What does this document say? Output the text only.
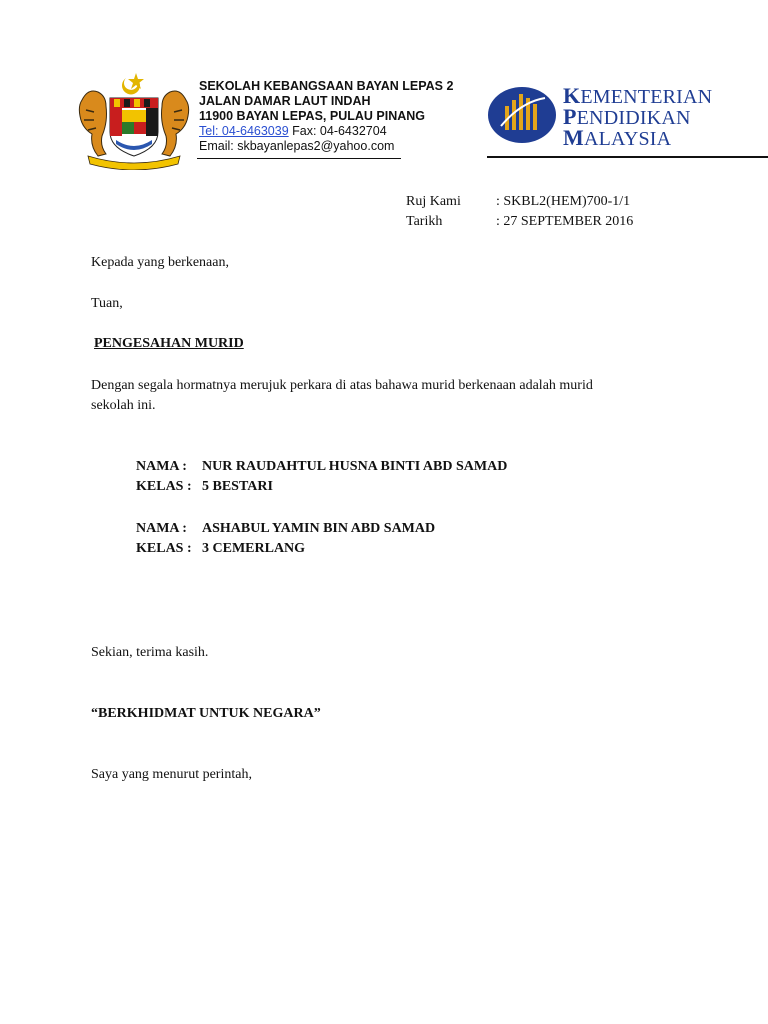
SEKOLAH KEBANGSAAN BAYAN LEPAS 2
JALAN DAMAR LAUT INDAH
11900 BAYAN LEPAS, PULAU PINANG
Tel: 04-6463039 Fax: 04-6432704
Email: skbayanlepas2@yahoo.com
KEMENTERIAN
PENDIDIKAN
MALAYSIA
Ruj Kami	: SKBL2(HEM)700-1/1
Tarikh	: 27 SEPTEMBER 2016
Kepada yang berkenaan,
Tuan,
PENGESAHAN MURID
Dengan segala hormatnya merujuk perkara di atas bahawa murid berkenaan adalah murid
sekolah ini.
NAMA :	NUR RAUDAHTUL HUSNA BINTI ABD SAMAD
KELAS : 5 BESTARI
NAMA :	ASHABUL YAMIN BIN ABD SAMAD
KELAS : 3 CEMERLANG
Sekian, terima kasih.
“BERKHIDMAT UNTUK NEGARA”
Saya yang menurut perintah,
